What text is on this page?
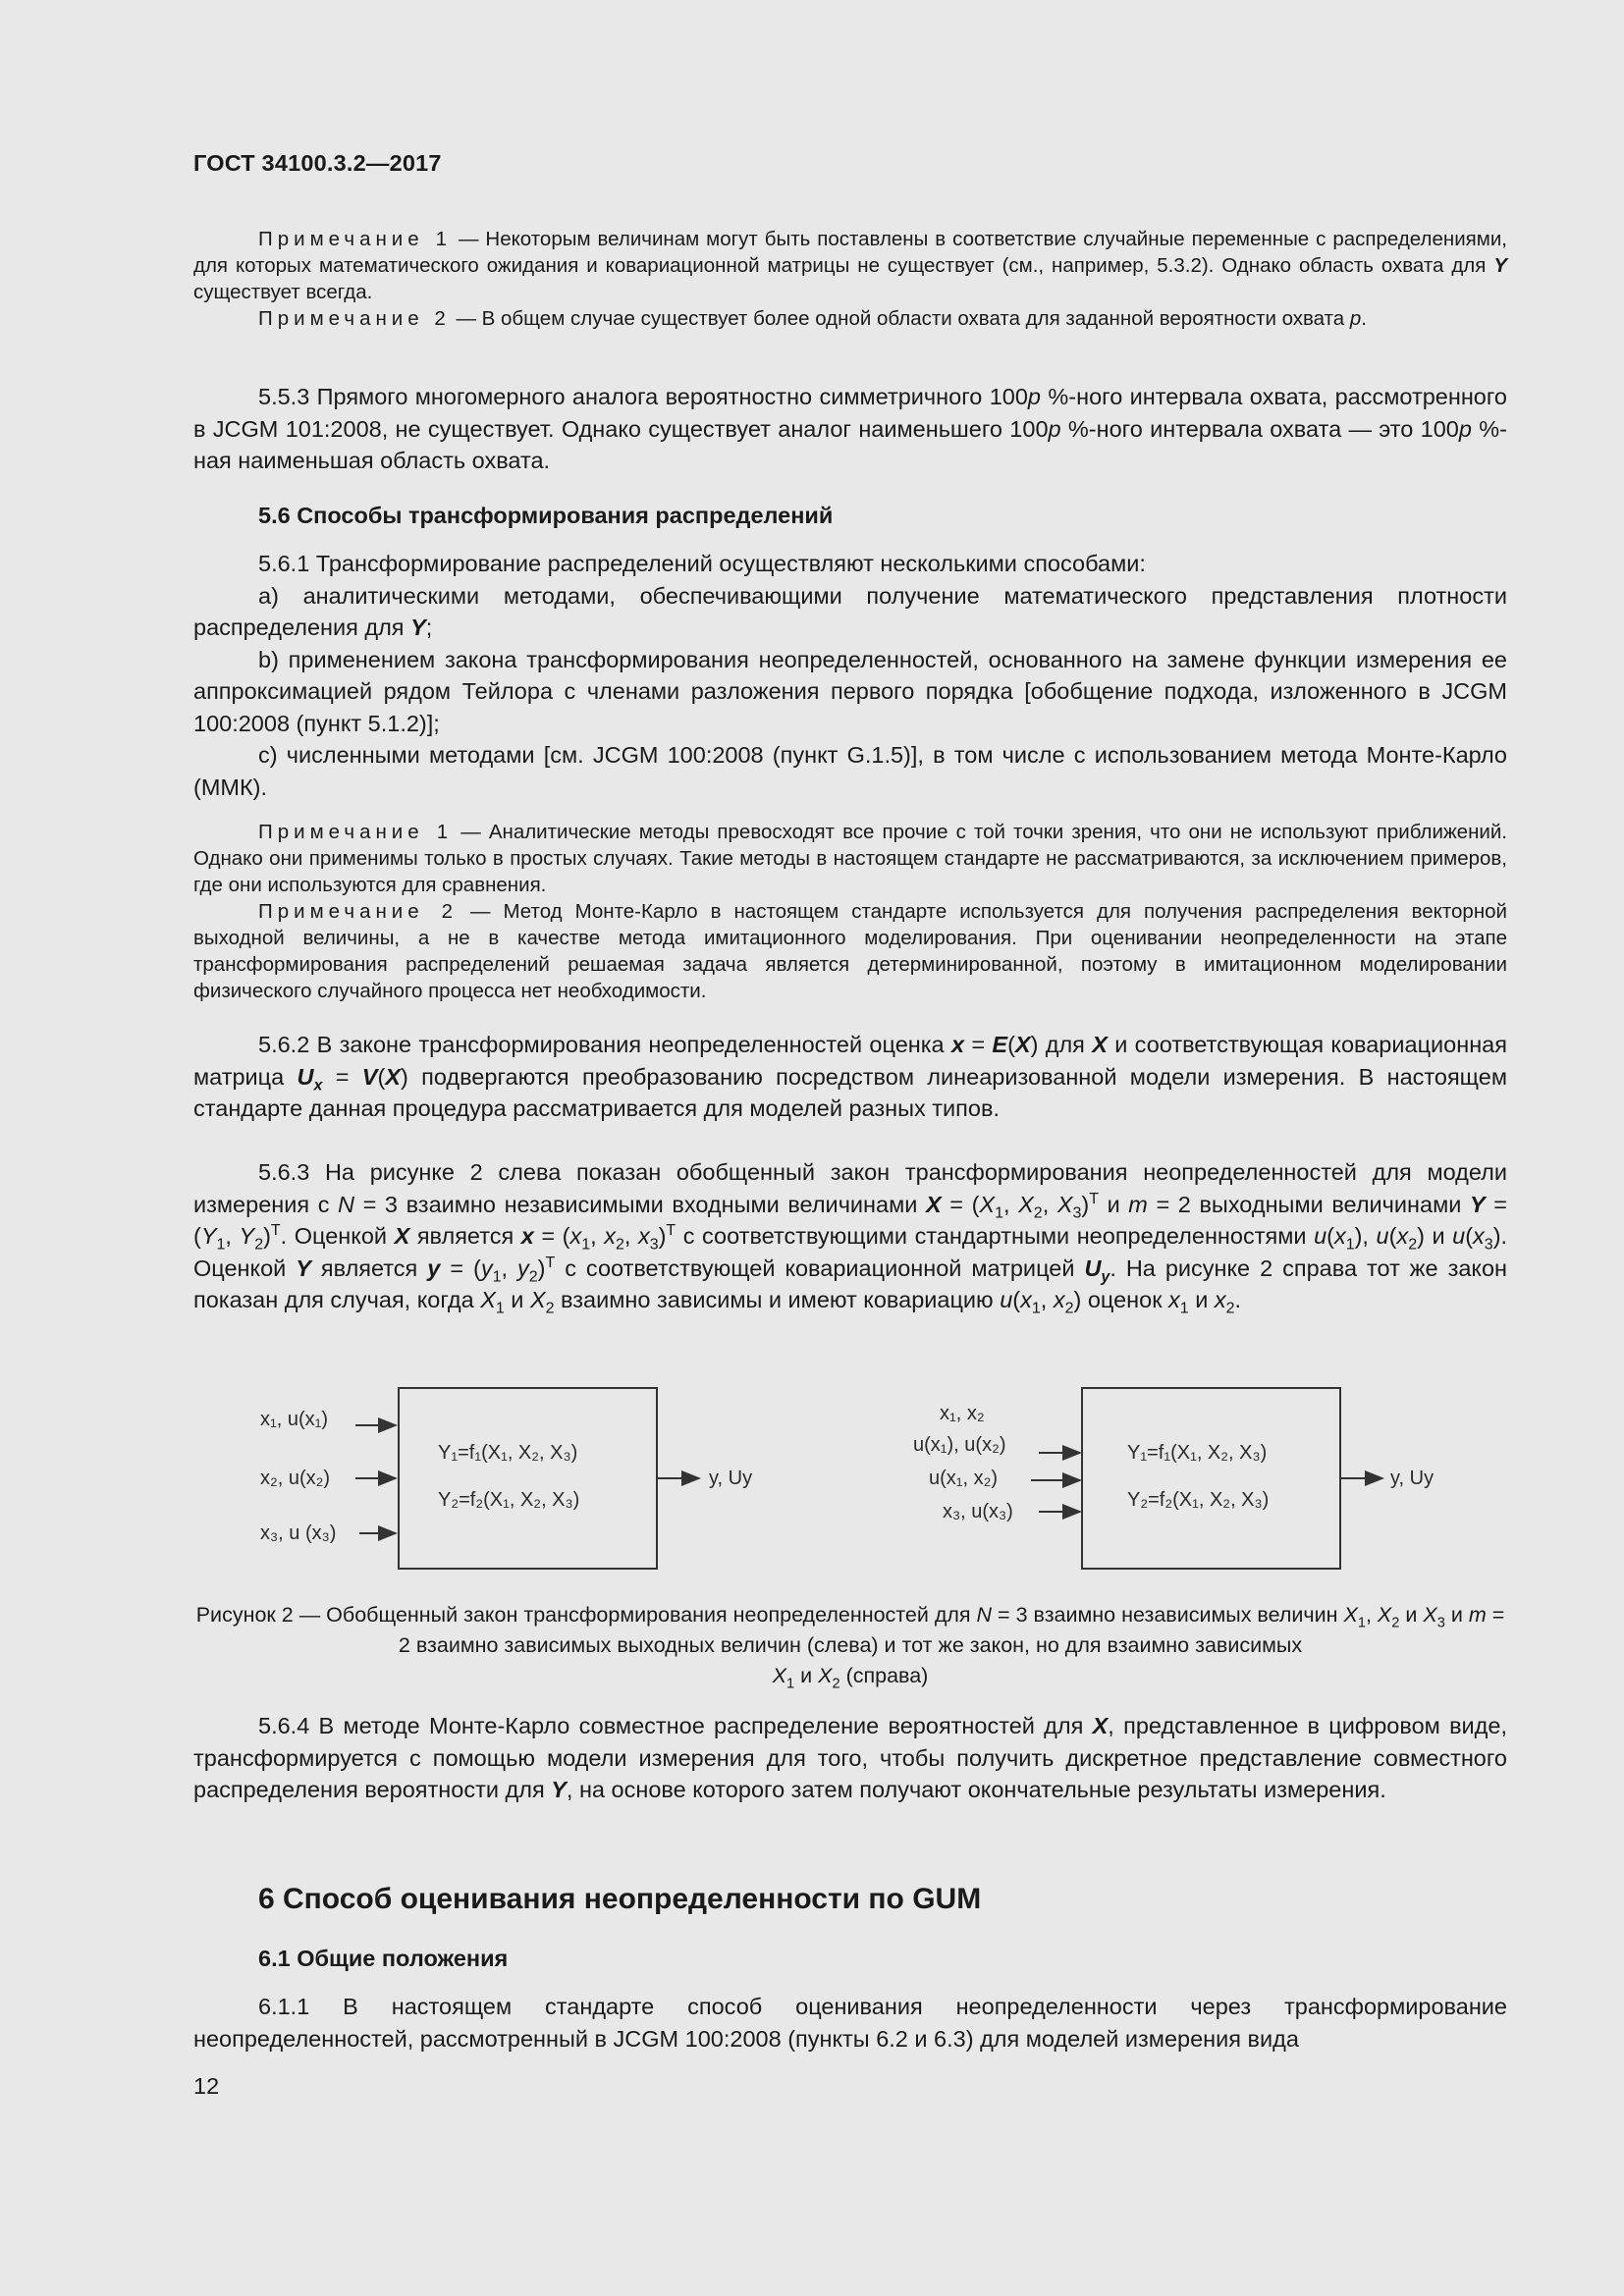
ГОСТ 34100.3.2—2017

Примечание 1 — Некоторым величинам могут быть поставлены в соответствие случайные переменные с распределениями, для которых математического ожидания и ковариационной матрицы не существует (см., например, 5.3.2). Однако область охвата для Y существует всегда.

Примечание 2 — В общем случае существует более одной области охвата для заданной вероятности охвата p.

5.5.3 Прямого многомерного аналога вероятностно симметричного 100p %-ного интервала охвата, рассмотренного в JCGM 101:2008, не существует. Однако существует аналог наименьшего 100p %-ного интервала охвата — это 100p %-ная наименьшая область охвата.

5.6 Способы трансформирования распределений

5.6.1 Трансформирование распределений осуществляют несколькими способами:

a) аналитическими методами, обеспечивающими получение математического представления плотности распределения для Y;

b) применением закона трансформирования неопределенностей, основанного на замене функции измерения ее аппроксимацией рядом Тейлора с членами разложения первого порядка [обобщение подхода, изложенного в JCGM 100:2008 (пункт 5.1.2)];

c) численными методами [см. JCGM 100:2008 (пункт G.1.5)], в том числе с использованием метода Монте-Карло (ММК).

Примечание 1 — Аналитические методы превосходят все прочие с той точки зрения, что они не используют приближений. Однако они применимы только в простых случаях. Такие методы в настоящем стандарте не рассматриваются, за исключением примеров, где они используются для сравнения.

Примечание 2 — Метод Монте-Карло в настоящем стандарте используется для получения распределения векторной выходной величины, а не в качестве метода имитационного моделирования. При оценивании неопределенности на этапе трансформирования распределений решаемая задача является детерминированной, поэтому в имитационном моделировании физического случайного процесса нет необходимости.

5.6.2 В законе трансформирования неопределенностей оценка x = E(X) для X и соответствующая ковариационная матрица $U_x = V(X)$ подвергаются преобразованию посредством линеаризованной модели измерения. В настоящем стандарте данная процедура рассматривается для моделей разных типов.

5.6.3 На рисунке 2 слева показан обобщенный закон трансформирования неопределенностей для модели измерения с N = 3 взаимно независимыми входными величинами $X = (X_1$, $X_2$, $X_3)^T$ и m = 2 выходными величинами $Y = (Y_1$, $Y_2)^T$. Оценкой X является $x = (x_1$, $x_2$, $x_3)^T$ с соответствующими стандартными неопределенностями $u(x_1)$, $u(x_2)$ и $u(x_3)$. Оценкой Y является $y = (y_1$, $y_2)^T$ с соответствующей ковариационной матрицей $U_y$. На рисунке 2 справа тот же закон показан для случая, когда $X_1$ и $X_2$ взаимно зависимы и имеют ковариацию $u(x_1$, $x_2$) оценок $x_1$ и $x_2$.

x₁, u(x₁)
x₂, u(x₂)
x₃, u (x₃)
Y₁=f₁(X₁, X₂, X₃)
Y₂=f₂(X₁, X₂, X₃)
y, Uy
x₁, x₂
u(x₁), u(x₂)
u(x₁, x₂)
x₃, u(x₃)
Y₁=f₁(X₁, X₂, X₃)
Y₂=f₂(X₁, X₂, X₃)
y, Uy

Рисунок 2 — Обобщенный закон трансформирования неопределенностей для N = 3 взаимно независимых величин $X_1$, $X_2$ и $X_3$ и m = 2 взаимно зависимых выходных величин (слева) и тот же закон, но для взаимно зависимых
$X_1$ и $X_2$ (справа)

5.6.4 В методе Монте-Карло совместное распределение вероятностей для X, представленное в цифровом виде, трансформируется с помощью модели измерения для того, чтобы получить дискретное представление совместного распределения вероятности для Y, на основе которого затем получают окончательные результаты измерения.

6 Способ оценивания неопределенности по GUM

6.1 Общие положения

6.1.1 В настоящем стандарте способ оценивания неопределенности через трансформирование неопределенностей, рассмотренный в JCGM 100:2008 (пункты 6.2 и 6.3) для моделей измерения вида

12
